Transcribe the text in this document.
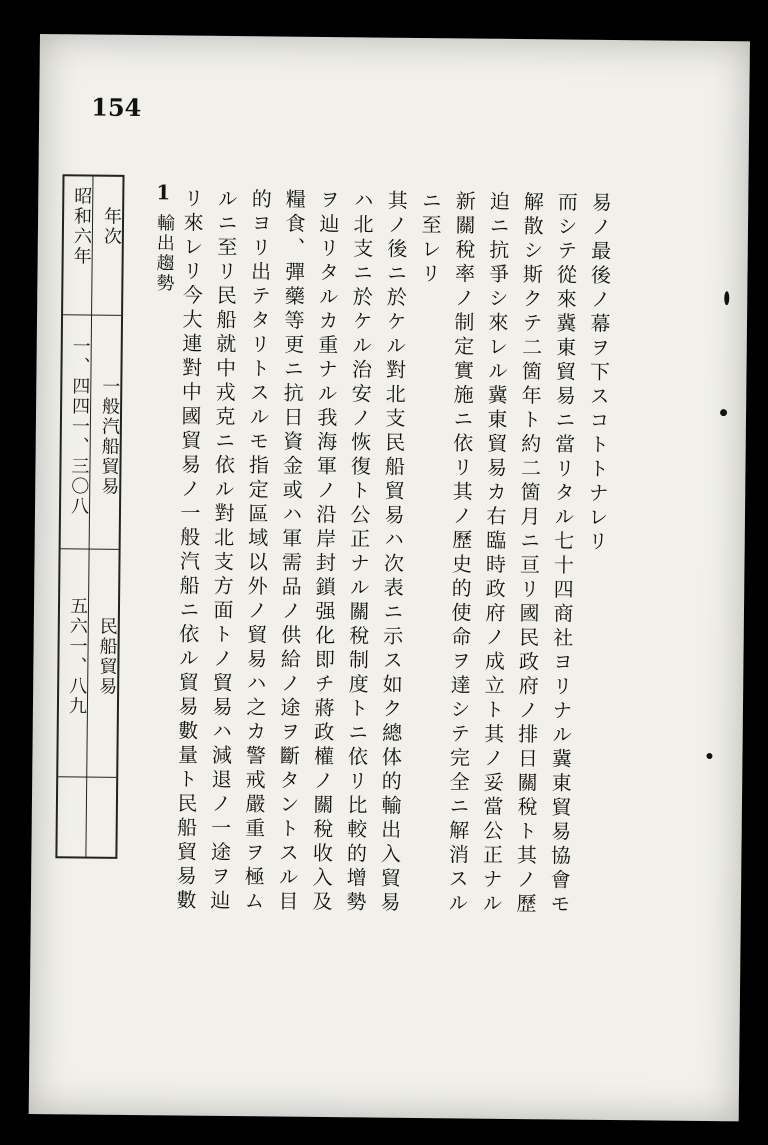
154
易ノ最後ノ幕ヲ下スコトトナレリ
而シテ從來冀東貿易ニ當リタル七十四商社ヨリナル冀東貿易協會モ
解散シ斯クテ二箇年ト約二箇月ニ亘リ國民政府ノ排日關稅ト其ノ歷
迫ニ抗爭シ來レル冀東貿易カ右臨時政府ノ成立ト其ノ妥當公正ナル
新關稅率ノ制定實施ニ依リ其ノ歷史的使命ヲ達シテ完全ニ解消スル
ニ至レリ
其ノ後ニ於ケル對北支民船貿易ハ次表ニ示ス如ク總体的輸出入貿易
ハ北支ニ於ケル治安ノ恢復ト公正ナル關稅制度トニ依リ比較的增勢
ヲ辿リタルカ重ナル我海軍ノ沿岸封鎖强化即チ蔣政權ノ關稅收入及
糧食、彈藥等更ニ抗日資金或ハ軍需品ノ供給ノ途ヲ斷タントスル目
的ヨリ出テタリトスルモ指定區域以外ノ貿易ハ之カ警戒嚴重ヲ極ム
ルニ至リ民船就中戎克ニ依ル對北支方面トノ貿易ハ減退ノ一途ヲ辿
リ來レリ今大連對中國貿易ノ一般汽船ニ依ル貿易數量ト民船貿易數
1
輸出趨勢
年次
昭和六年
一般汽船貿易
一、四四一、三〇八
民船貿易
五六一、八九
